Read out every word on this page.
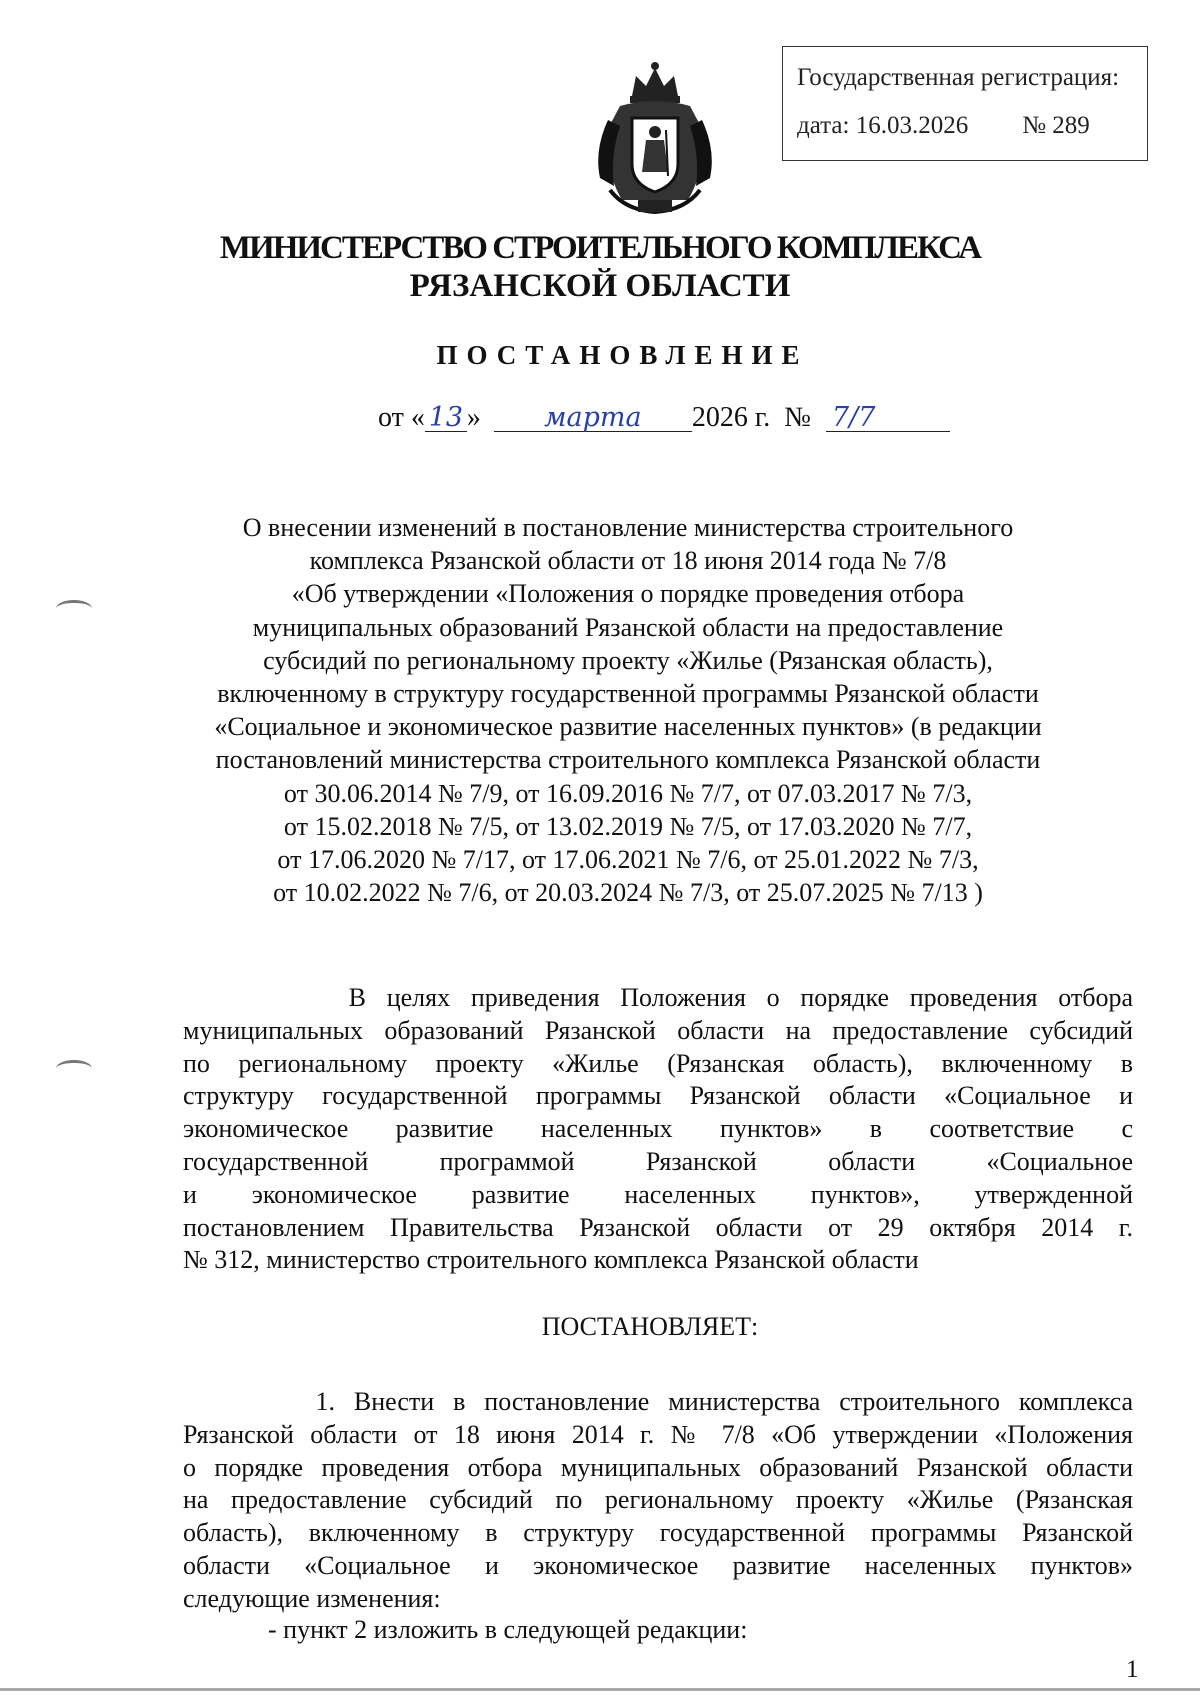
Государственная регистрация:
дата: 16.03.2026 № 289
МИНИСТЕРСТВО СТРОИТЕЛЬНОГО КОМПЛЕКСА
РЯЗАНСКОЙ ОБЛАСТИ
ПОСТАНОВЛЕНИЕ
от « 13 » марта 2026 г. № 7/7
О внесении изменений в постановление министерства строительного
комплекса Рязанской области от 18 июня 2014 года № 7/8
«Об утверждении «Положения о порядке проведения отбора
муниципальных образований Рязанской области на предоставление
субсидий по региональному проекту «Жилье (Рязанская область),
включенному в структуру государственной программы Рязанской области
«Социальное и экономическое развитие населенных пунктов» (в редакции
постановлений министерства строительного комплекса Рязанской области
от 30.06.2014 № 7/9, от 16.09.2016 № 7/7, от 07.03.2017 № 7/3,
от 15.02.2018 № 7/5, от 13.02.2019 № 7/5, от 17.03.2020 № 7/7,
от 17.06.2020 № 7/17, от 17.06.2021 № 7/6, от 25.01.2022 № 7/3,
от 10.02.2022 № 7/6, от 20.03.2024 № 7/3, от 25.07.2025 № 7/13 )
В целях приведения Положения о порядке проведения отбора
муниципальных образований Рязанской области на предоставление субсидий
по региональному проекту «Жилье (Рязанская область), включенному в
структуру государственной программы Рязанской области «Социальное и
экономическое развитие населенных пунктов» в соответствие с
государственной программой Рязанской области «Социальное
и экономическое развитие населенных пунктов», утвержденной
постановлением Правительства Рязанской области от 29 октября 2014 г.
№ 312, министерство строительного комплекса Рязанской области
ПОСТАНОВЛЯЕТ:
1. Внести в постановление министерства строительного комплекса
Рязанской области от 18 июня 2014 г. № 7/8 «Об утверждении «Положения
о порядке проведения отбора муниципальных образований Рязанской области
на предоставление субсидий по региональному проекту «Жилье (Рязанская
область), включенному в структуру государственной программы Рязанской
области «Социальное и экономическое развитие населенных пунктов»
следующие изменения:
- пункт 2 изложить в следующей редакции:
1
